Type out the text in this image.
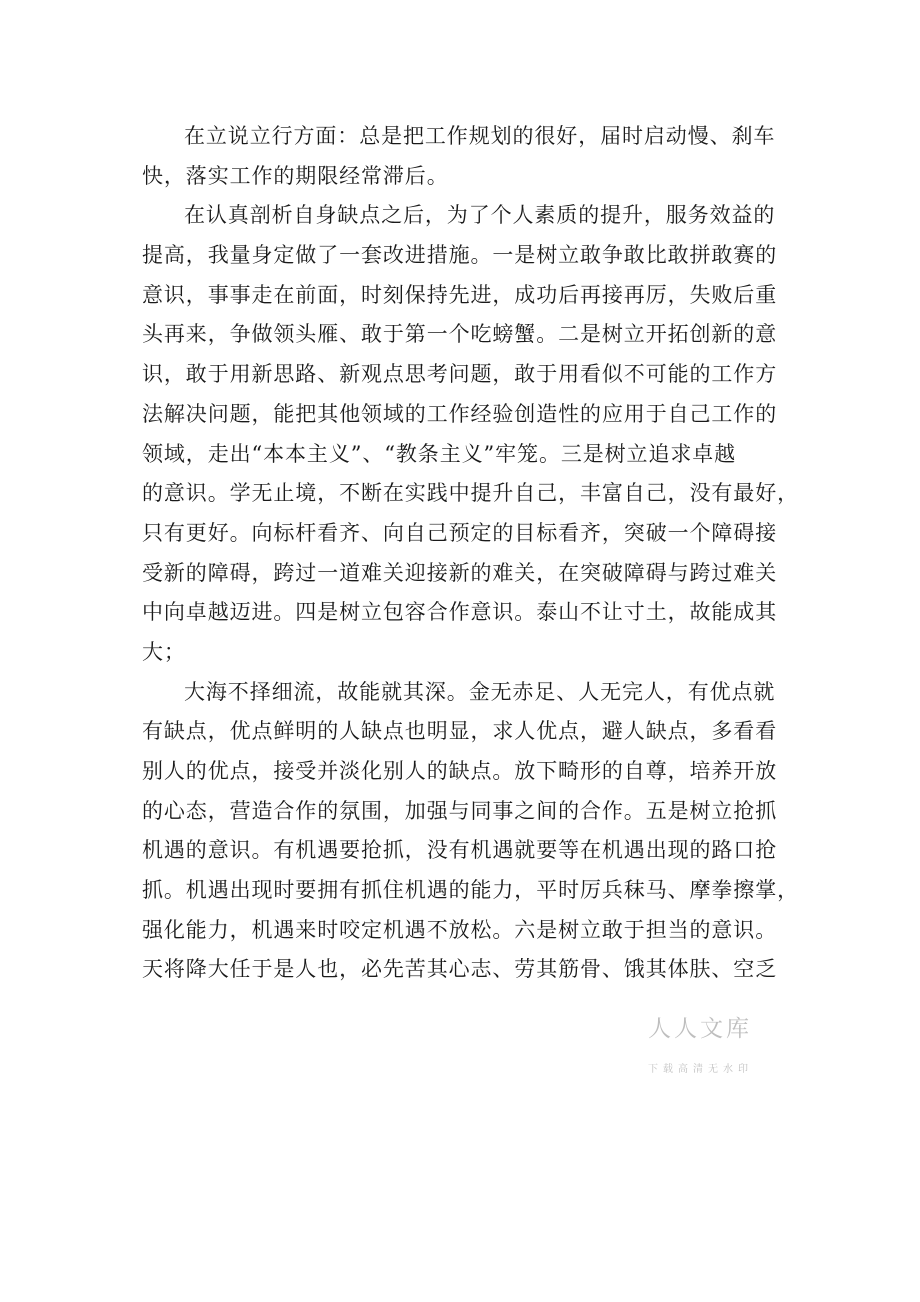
在立说立行方面：总是把工作规划的很好，届时启动慢、刹车
快，落实工作的期限经常滞后。
在认真剖析自身缺点之后，为了个人素质的提升，服务效益的
提高，我量身定做了一套改进措施。一是树立敢争敢比敢拼敢赛的
意识，事事走在前面，时刻保持先进，成功后再接再厉，失败后重
头再来，争做领头雁、敢于第一个吃螃蟹。二是树立开拓创新的意
识，敢于用新思路、新观点思考问题，敢于用看似不可能的工作方
法解决问题，能把其他领域的工作经验创造性的应用于自己工作的
领域，走出“本本主义”、“教条主义”牢笼。三是树立追求卓越
的意识。学无止境，不断在实践中提升自己，丰富自己，没有最好，
只有更好。向标杆看齐、向自己预定的目标看齐，突破一个障碍接
受新的障碍，跨过一道难关迎接新的难关，在突破障碍与跨过难关
中向卓越迈进。四是树立包容合作意识。泰山不让寸土，故能成其
大；
大海不择细流，故能就其深。金无赤足、人无完人，有优点就
有缺点，优点鲜明的人缺点也明显，求人优点，避人缺点，多看看
别人的优点，接受并淡化别人的缺点。放下畸形的自尊，培养开放
的心态，营造合作的氛围，加强与同事之间的合作。五是树立抢抓
机遇的意识。有机遇要抢抓，没有机遇就要等在机遇出现的路口抢
抓。机遇出现时要拥有抓住机遇的能力，平时厉兵秣马、摩拳擦掌，
强化能力，机遇来时咬定机遇不放松。六是树立敢于担当的意识。
天将降大任于是人也，必先苦其心志、劳其筋骨、饿其体肤、空乏
人人文库
下载高清无水印
